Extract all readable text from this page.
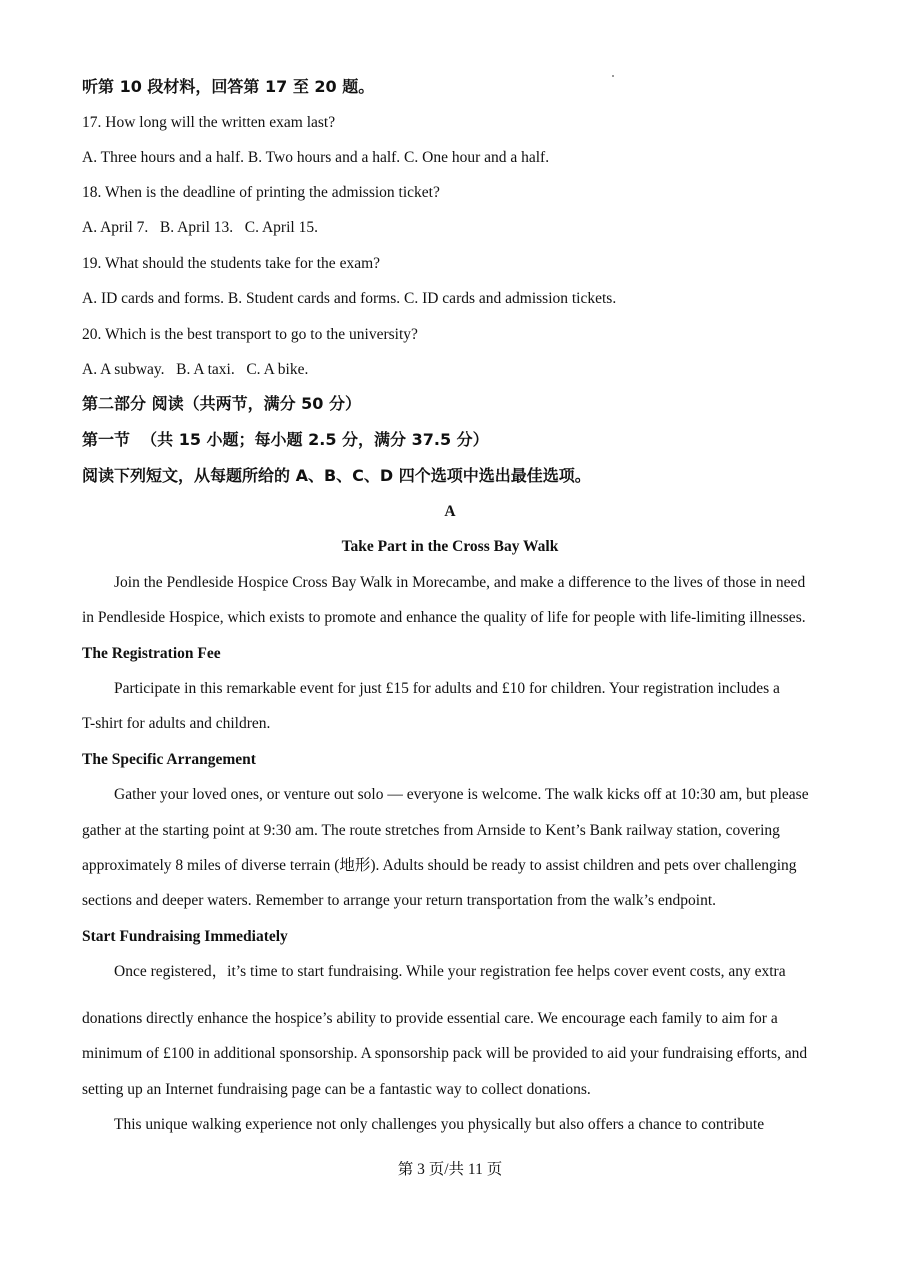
听第 10 段材料，回答第 17 至 20 题。
17. How long will the written exam last?
A. Three hours and a half. B. Two hours and a half. C. One hour and a half.
18. When is the deadline of printing the admission ticket?
A. April 7.   B. April 13.   C. April 15.
19. What should the students take for the exam?
A. ID cards and forms. B. Student cards and forms. C. ID cards and admission tickets.
20. Which is the best transport to go to the university?
A. A subway.   B. A taxi.   C. A bike.
第二部分 阅读（共两节，满分 50 分）
第一节  （共 15 小题；每小题 2.5 分，满分 37.5 分）
阅读下列短文，从每题所给的 A、B、C、D 四个选项中选出最佳选项。
A
Take Part in the Cross Bay Walk
Join the Pendleside Hospice Cross Bay Walk in Morecambe, and make a difference to the lives of those in need
in Pendleside Hospice, which exists to promote and enhance the quality of life for people with life-limiting illnesses.
The Registration Fee
Participate in this remarkable event for just £15 for adults and £10 for children. Your registration includes a
T-shirt for adults and children.
The Specific Arrangement
Gather your loved ones, or venture out solo — everyone is welcome. The walk kicks off at 10:30 am, but please
gather at the starting point at 9:30 am. The route stretches from Arnside to Kent’s Bank railway station, covering
approximately 8 miles of diverse terrain (地形). Adults should be ready to assist children and pets over challenging
sections and deeper waters. Remember to arrange your return transportation from the walk’s endpoint.
Start Fundraising Immediately
Once registered，it’s time to start fundraising. While your registration fee helps cover event costs, any extra
donations directly enhance the hospice’s ability to provide essential care. We encourage each family to aim for a
minimum of £100 in additional sponsorship. A sponsorship pack will be provided to aid your fundraising efforts, and
setting up an Internet fundraising page can be a fantastic way to collect donations.
This unique walking experience not only challenges you physically but also offers a chance to contribute
第 3 页/共 11 页
